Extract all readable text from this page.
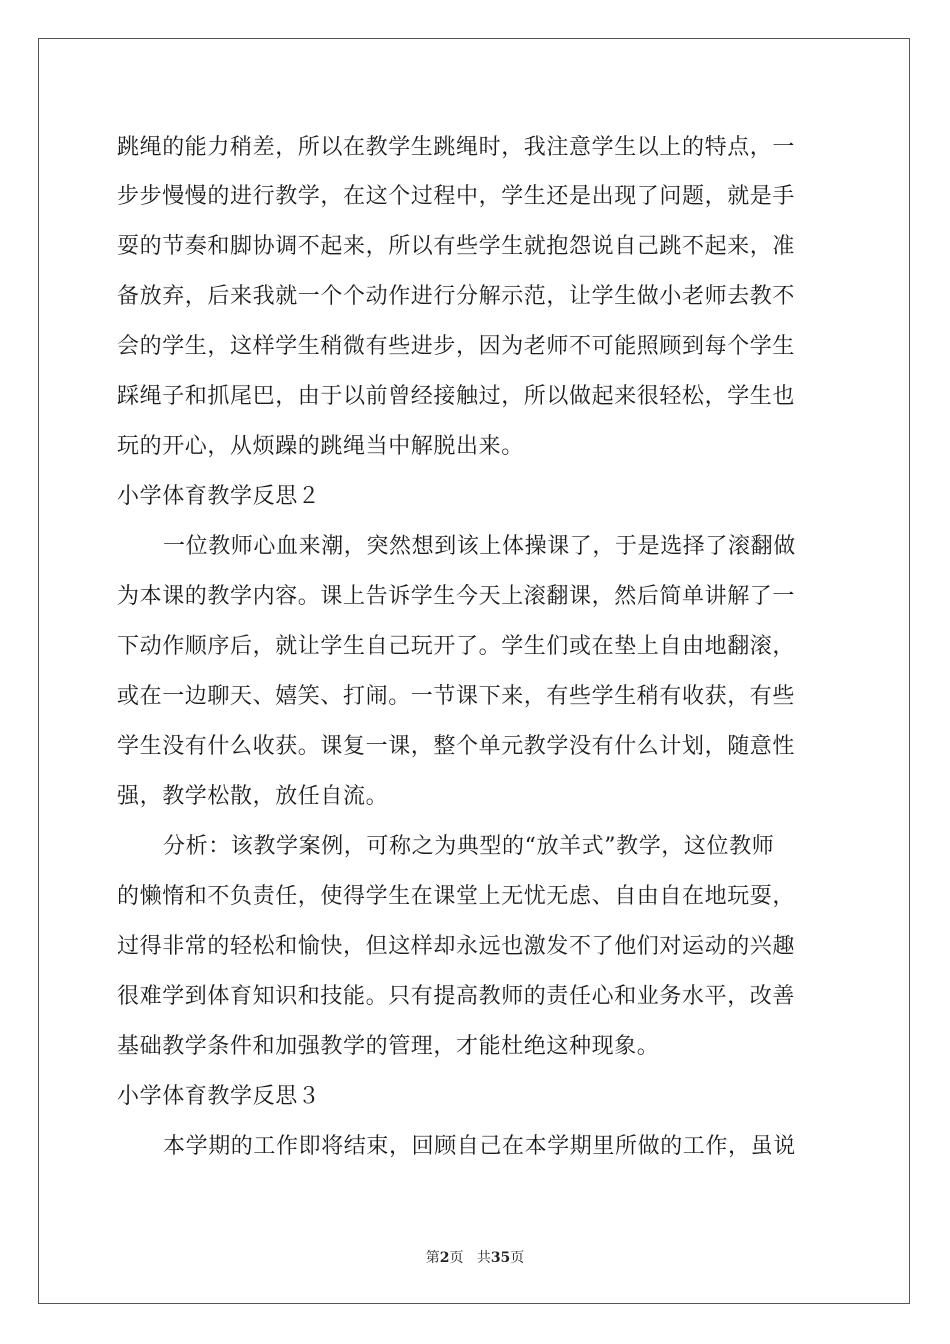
跳绳的能力稍差，所以在教学生跳绳时，我注意学生以上的特点，一
步步慢慢的进行教学，在这个过程中，学生还是出现了问题，就是手
耍的节奏和脚协调不起来，所以有些学生就抱怨说自己跳不起来，准
备放弃，后来我就一个个动作进行分解示范，让学生做小老师去教不
会的学生，这样学生稍微有些进步，因为老师不可能照顾到每个学生
踩绳子和抓尾巴，由于以前曾经接触过，所以做起来很轻松，学生也
玩的开心，从烦躁的跳绳当中解脱出来。
小学体育教学反思２
一位教师心血来潮，突然想到该上体操课了，于是选择了滚翻做
为本课的教学内容。课上告诉学生今天上滚翻课，然后简单讲解了一
下动作顺序后，就让学生自己玩开了。学生们或在垫上自由地翻滚，
或在一边聊天、嬉笑、打闹。一节课下来，有些学生稍有收获，有些
学生没有什么收获。课复一课，整个单元教学没有什么计划，随意性
强，教学松散，放任自流。
分析：该教学案例，可称之为典型的“放羊式”教学，这位教师
的懒惰和不负责任，使得学生在课堂上无忧无虑、自由自在地玩耍，
过得非常的轻松和愉快，但这样却永远也激发不了他们对运动的兴趣
很难学到体育知识和技能。只有提高教师的责任心和业务水平，改善
基础教学条件和加强教学的管理，才能杜绝这种现象。
小学体育教学反思３
本学期的工作即将结束，回顾自己在本学期里所做的工作，虽说
第2页 共35页
